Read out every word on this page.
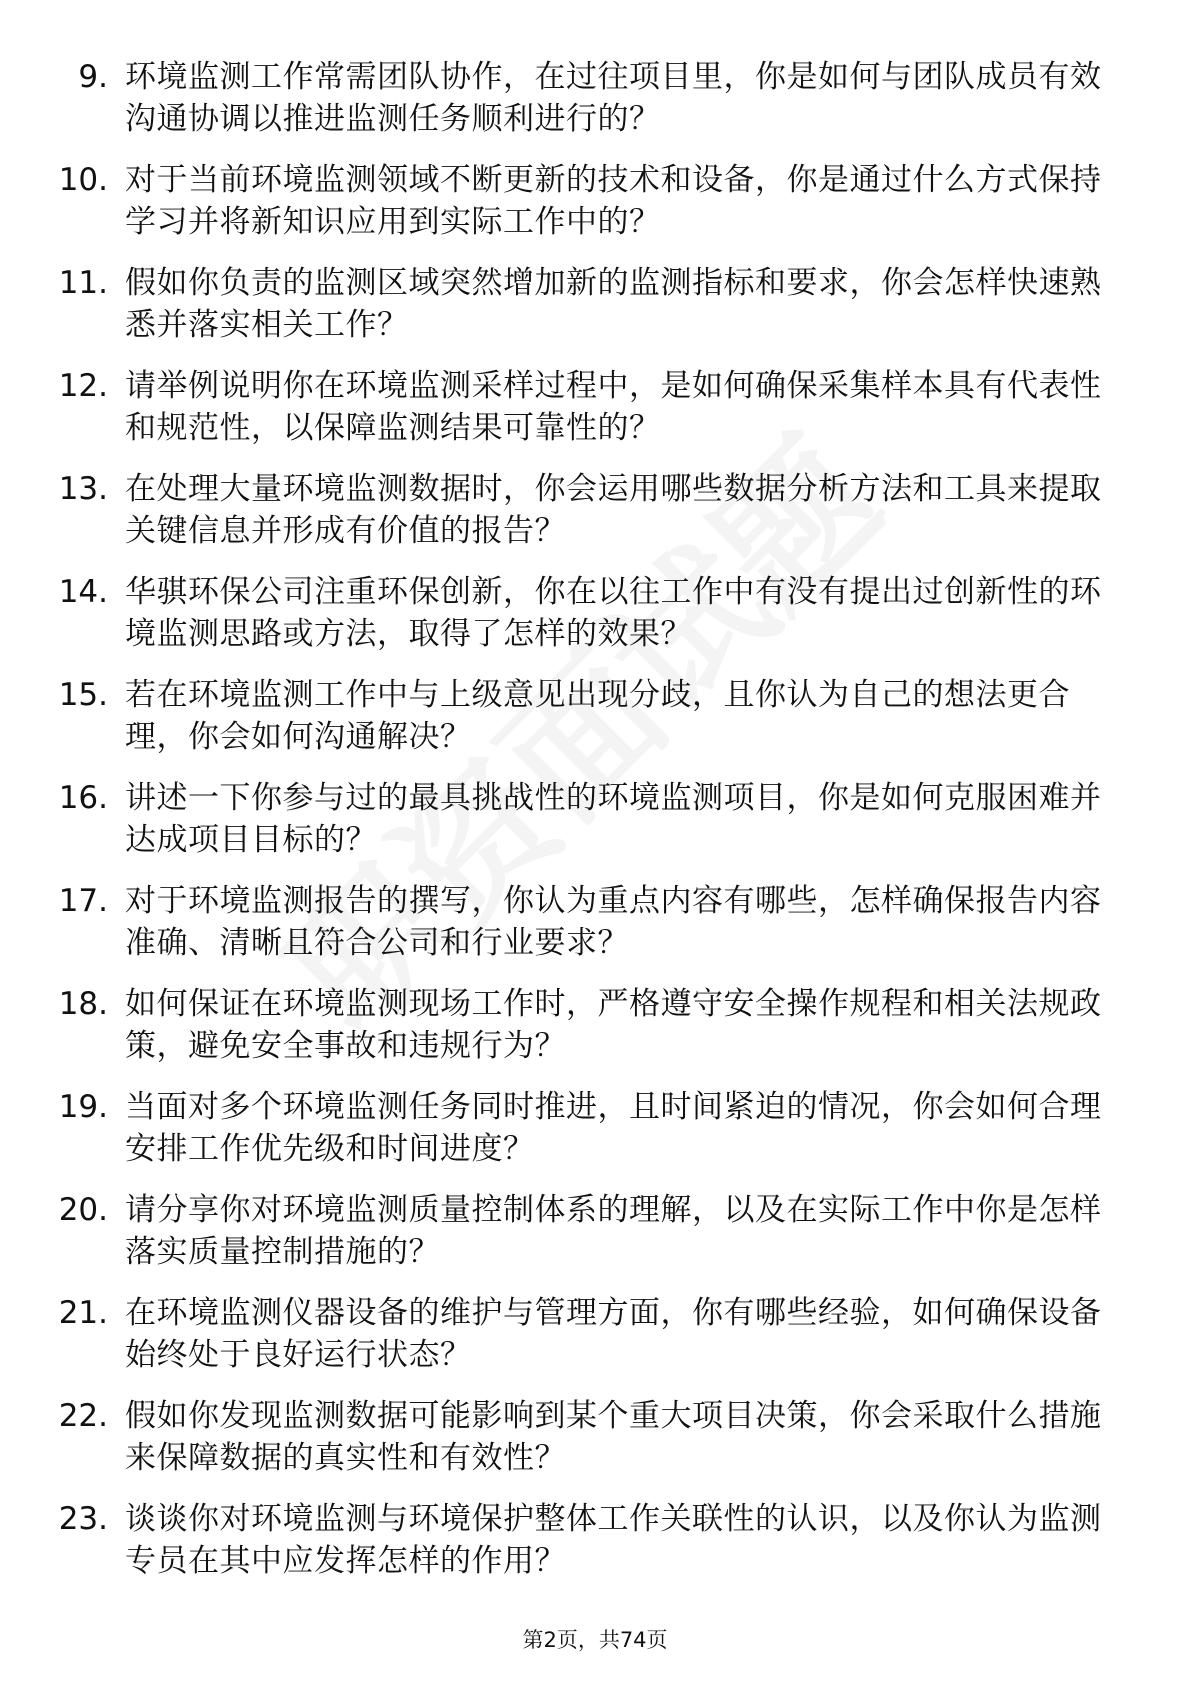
9. 环境监测工作常需团队协作，在过往项目里，你是如何与团队成员有效沟通协调以推进监测任务顺利进行的？
10. 对于当前环境监测领域不断更新的技术和设备，你是通过什么方式保持学习并将新知识应用到实际工作中的？
11. 假如你负责的监测区域突然增加新的监测指标和要求，你会怎样快速熟悉并落实相关工作？
12. 请举例说明你在环境监测采样过程中，是如何确保采集样本具有代表性和规范性，以保障监测结果可靠性的？
13. 在处理大量环境监测数据时，你会运用哪些数据分析方法和工具来提取关键信息并形成有价值的报告？
14. 华骐环保公司注重环保创新，你在以往工作中有没有提出过创新性的环境监测思路或方法，取得了怎样的效果？
15. 若在环境监测工作中与上级意见出现分歧，且你认为自己的想法更合理，你会如何沟通解决？
16. 讲述一下你参与过的最具挑战性的环境监测项目，你是如何克服困难并达成项目目标的？
17. 对于环境监测报告的撰写，你认为重点内容有哪些，怎样确保报告内容准确、清晰且符合公司和行业要求？
18. 如何保证在环境监测现场工作时，严格遵守安全操作规程和相关法规政策，避免安全事故和违规行为？
19. 当面对多个环境监测任务同时推进，且时间紧迫的情况，你会如何合理安排工作优先级和时间进度？
20. 请分享你对环境监测质量控制体系的理解，以及在实际工作中你是怎样落实质量控制措施的？
21. 在环境监测仪器设备的维护与管理方面，你有哪些经验，如何确保设备始终处于良好运行状态？
22. 假如你发现监测数据可能影响到某个重大项目决策，你会采取什么措施来保障数据的真实性和有效性？
23. 谈谈你对环境监测与环境保护整体工作关联性的认识，以及你认为监测专员在其中应发挥怎样的作用？
第2页，共74页
